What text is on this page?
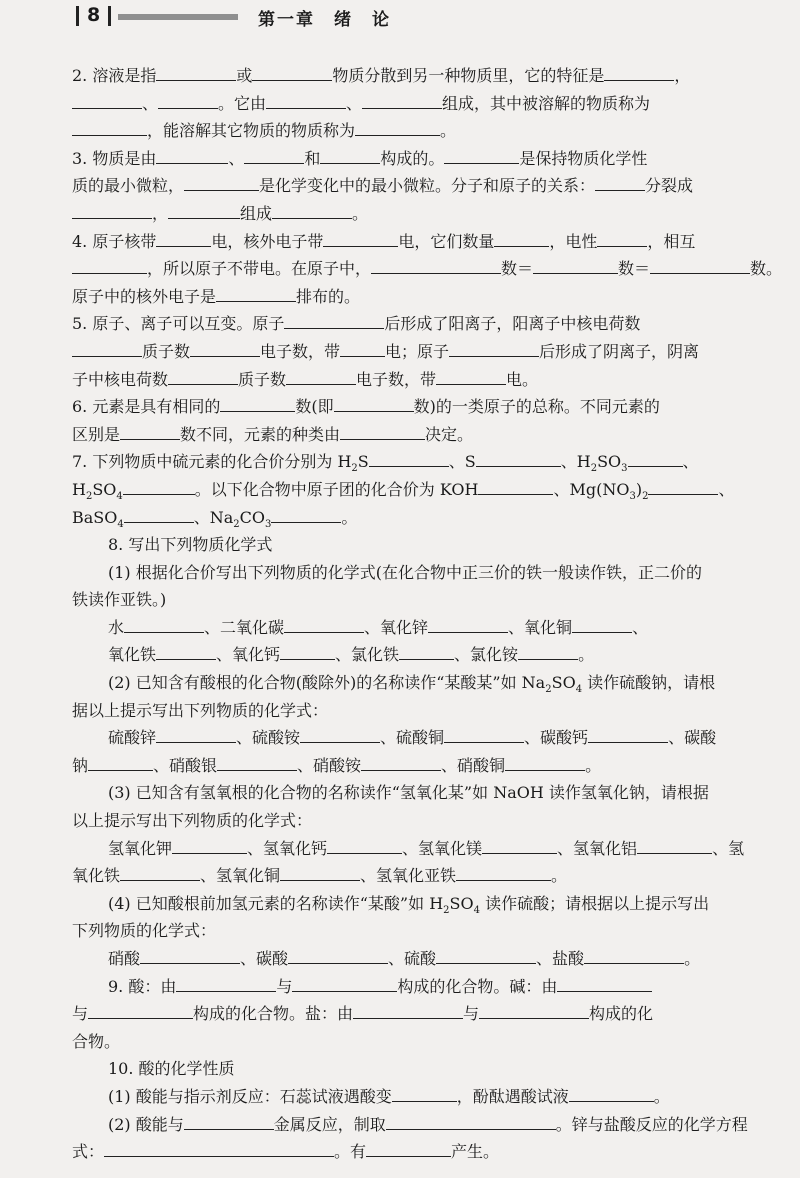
8	第一章　绪　论
2. 溶液是指	或	物质分散到另一种物质里，它的特征是	，
、	。它由	、	组成，其中被溶解的物质称为
，能溶解其它物质的物质称为	。
3. 物质是由	、	和	构成的。	是保持物质化学性
质的最小微粒，	是化学变化中的最小微粒。分子和原子的关系：	分裂成
，	组成	。
4. 原子核带	电，核外电子带	电，它们数量	，电性	，相互
，所以原子不带电。在原子中，	数＝	数＝	数。
原子中的核外电子是	排布的。
5. 原子、离子可以互变。原子	后形成了阳离子，阳离子中核电荷数
质子数	电子数，带	电；原子	后形成了阴离子，阴离
子中核电荷数	质子数	电子数，带	电。
6. 元素是具有相同的	数(即	数)的一类原子的总称。不同元素的
区别是	数不同，元素的种类由	决定。
7. 下列物质中硫元素的化合价分别为 $H_2S$	、S	、$H_2SO_3$	、
$H_2SO_4$	。以下化合物中原子团的化合价为 KOH	、$Mg(NO_3)_2$	、
BaSO$_4$	、$Na_2CO_3$	。
8. 写出下列物质化学式
(1) 根据化合价写出下列物质的化学式(在化合物中正三价的铁一般读作铁，正二价的
铁读作亚铁。)
水	、二氧化碳	、氧化锌	、氧化铜	、
氧化铁	、氧化钙	、氯化铁	、氯化铵	。
(2) 已知含有酸根的化合物(酸除外)的名称读作“某酸某”如 $Na_2SO_4$ 读作硫酸钠，请根
据以上提示写出下列物质的化学式：
硫酸锌	、硫酸铵	、硫酸铜	、碳酸钙	、碳酸
钠	、硝酸银	、硝酸铵	、硝酸铜	。
(3) 已知含有氢氧根的化合物的名称读作“氢氧化某”如 NaOH 读作氢氧化钠，请根据
以上提示写出下列物质的化学式：
氢氧化钾	、氢氧化钙	、氢氧化镁	、氢氧化铝	、氢
氧化铁	、氢氧化铜	、氢氧化亚铁	。
(4) 已知酸根前加氢元素的名称读作“某酸”如 $H_2SO_4$ 读作硫酸；请根据以上提示写出
下列物质的化学式：
硝酸	、碳酸	、硫酸	、盐酸	。
9. 酸：由	与	构成的化合物。碱：由
与	构成的化合物。盐：由	与	构成的化
合物。
10. 酸的化学性质
(1) 酸能与指示剂反应：石蕊试液遇酸变	，酚酞遇酸试液	。
(2) 酸能与	金属反应，制取	。锌与盐酸反应的化学方程
式：	。有	产生。
